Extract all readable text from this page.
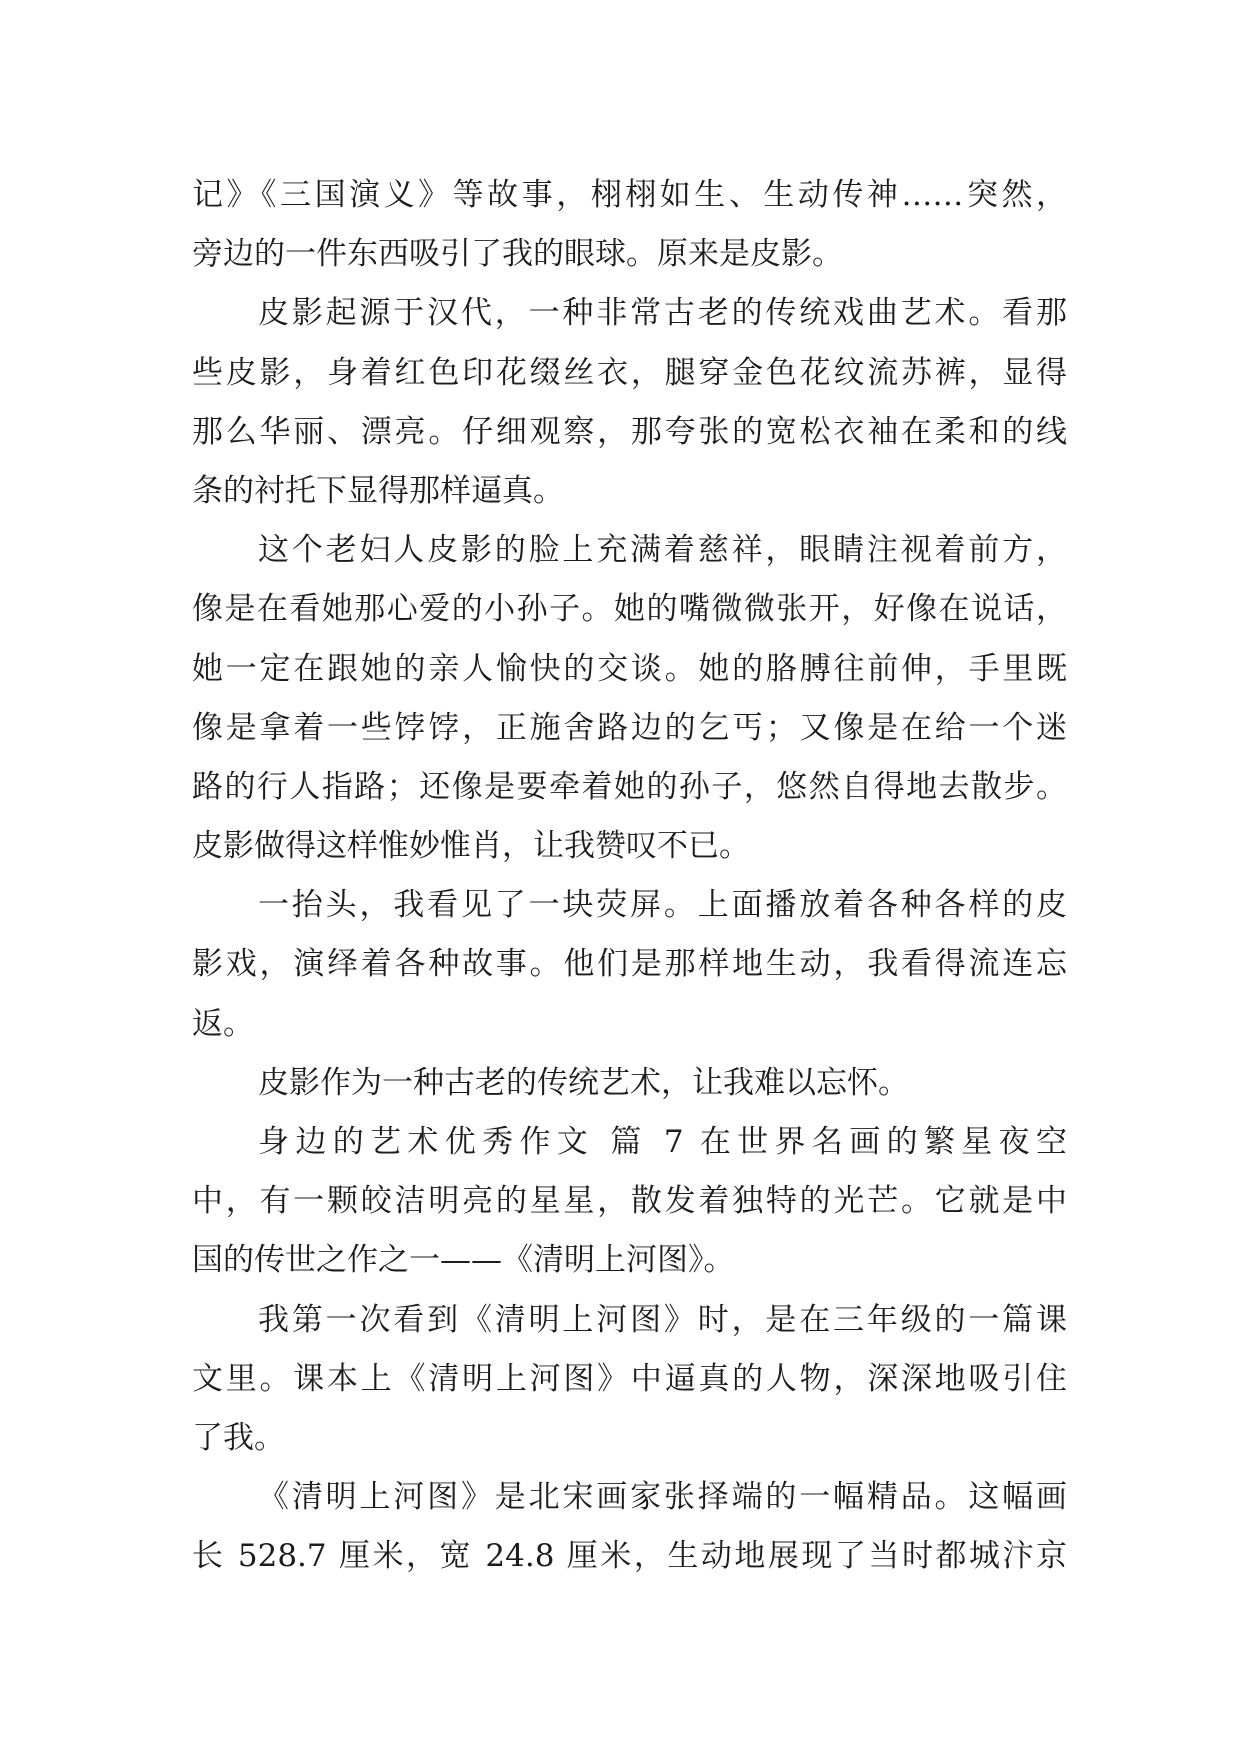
记》《三国演义》等故事，栩栩如生、生动传神……突然，
旁边的一件东西吸引了我的眼球。原来是皮影。
皮影起源于汉代，一种非常古老的传统戏曲艺术。看那
些皮影，身着红色印花缀丝衣，腿穿金色花纹流苏裤，显得
那么华丽、漂亮。仔细观察，那夸张的宽松衣袖在柔和的线
条的衬托下显得那样逼真。
这个老妇人皮影的脸上充满着慈祥，眼睛注视着前方，
像是在看她那心爱的小孙子。她的嘴微微张开，好像在说话，
她一定在跟她的亲人愉快的交谈。她的胳膊往前伸，手里既
像是拿着一些饽饽，正施舍路边的乞丐；又像是在给一个迷
路的行人指路；还像是要牵着她的孙子，悠然自得地去散步。
皮影做得这样惟妙惟肖，让我赞叹不已。
一抬头，我看见了一块荧屏。上面播放着各种各样的皮
影戏，演绎着各种故事。他们是那样地生动，我看得流连忘
返。
皮影作为一种古老的传统艺术，让我难以忘怀。
身边的艺术优秀作文 篇 7 在世界名画的繁星夜空
中，有一颗皎洁明亮的星星，散发着独特的光芒。它就是中
国的传世之作之一——《清明上河图》。
我第一次看到《清明上河图》时，是在三年级的一篇课
文里。课本上《清明上河图》中逼真的人物，深深地吸引住
了我。
《清明上河图》是北宋画家张择端的一幅精品。这幅画
长 528.7 厘米，宽 24.8 厘米，生动地展现了当时都城汴京
